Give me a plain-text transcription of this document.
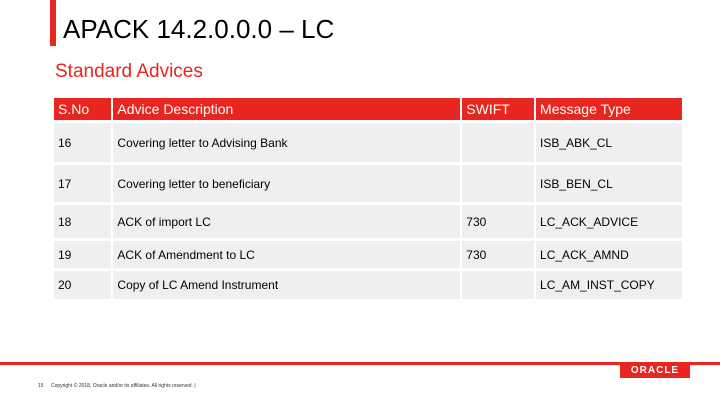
APACK 14.2.0.0.0 – LC
Standard Advices
S.No	Advice Description	SWIFT	Message Type
16	Covering letter to Advising Bank		ISB_ABK_CL
17	Covering letter to beneficiary		ISB_BEN_CL
18	ACK of import LC	730	LC_ACK_ADVICE
19	ACK of Amendment to LC	730	LC_ACK_AMND
20	Copy of LC Amend Instrument		LC_AM_INST_COPY
ORACLE
15 Copyright © 2018, Oracle and/or its affiliates. All rights reserved. |
